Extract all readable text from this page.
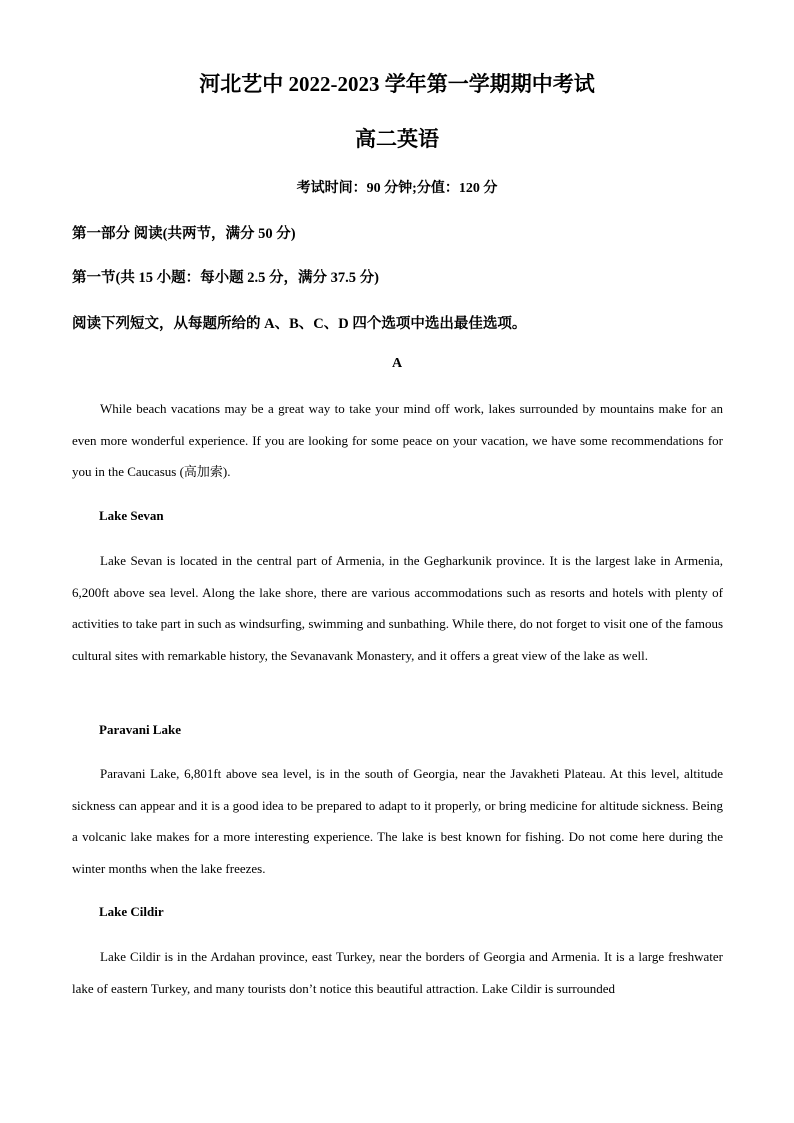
河北艺中 2022-2023 学年第一学期期中考试
高二英语
考试时间：90 分钟;分值：120 分
第一部分 阅读(共两节，满分 50 分)
第一节(共 15 小题：每小题 2.5 分，满分 37.5 分)
阅读下列短文，从每题所给的 A、B、C、D 四个选项中选出最佳选项。
A

While beach vacations may be a great way to take your mind off work, lakes surrounded by mountains make for an even more wonderful experience. If you are looking for some peace on your vacation, we have some recommendations for you in the Caucasus (高加索).

Lake Sevan

Lake Sevan is located in the central part of Armenia, in the Gegharkunik province. It is the largest lake in Armenia, 6,200ft above sea level. Along the lake shore, there are various accommodations such as resorts and hotels with plenty of activities to take part in such as windsurfing, swimming and sunbathing. While there, do not forget to visit one of the famous cultural sites with remarkable history, the Sevanavank Monastery, and it offers a great view of the lake as well.

Paravani Lake

Paravani Lake, 6,801ft above sea level, is in the south of Georgia, near the Javakheti Plateau. At this level, altitude sickness can appear and it is a good idea to be prepared to adapt to it properly, or bring medicine for altitude sickness. Being a volcanic lake makes for a more interesting experience. The lake is best known for fishing. Do not come here during the winter months when the lake freezes.

Lake Cildir

Lake Cildir is in the Ardahan province, east Turkey, near the borders of Georgia and Armenia. It is a large freshwater lake of eastern Turkey, and many tourists don’t notice this beautiful attraction. Lake Cildir is surrounded
